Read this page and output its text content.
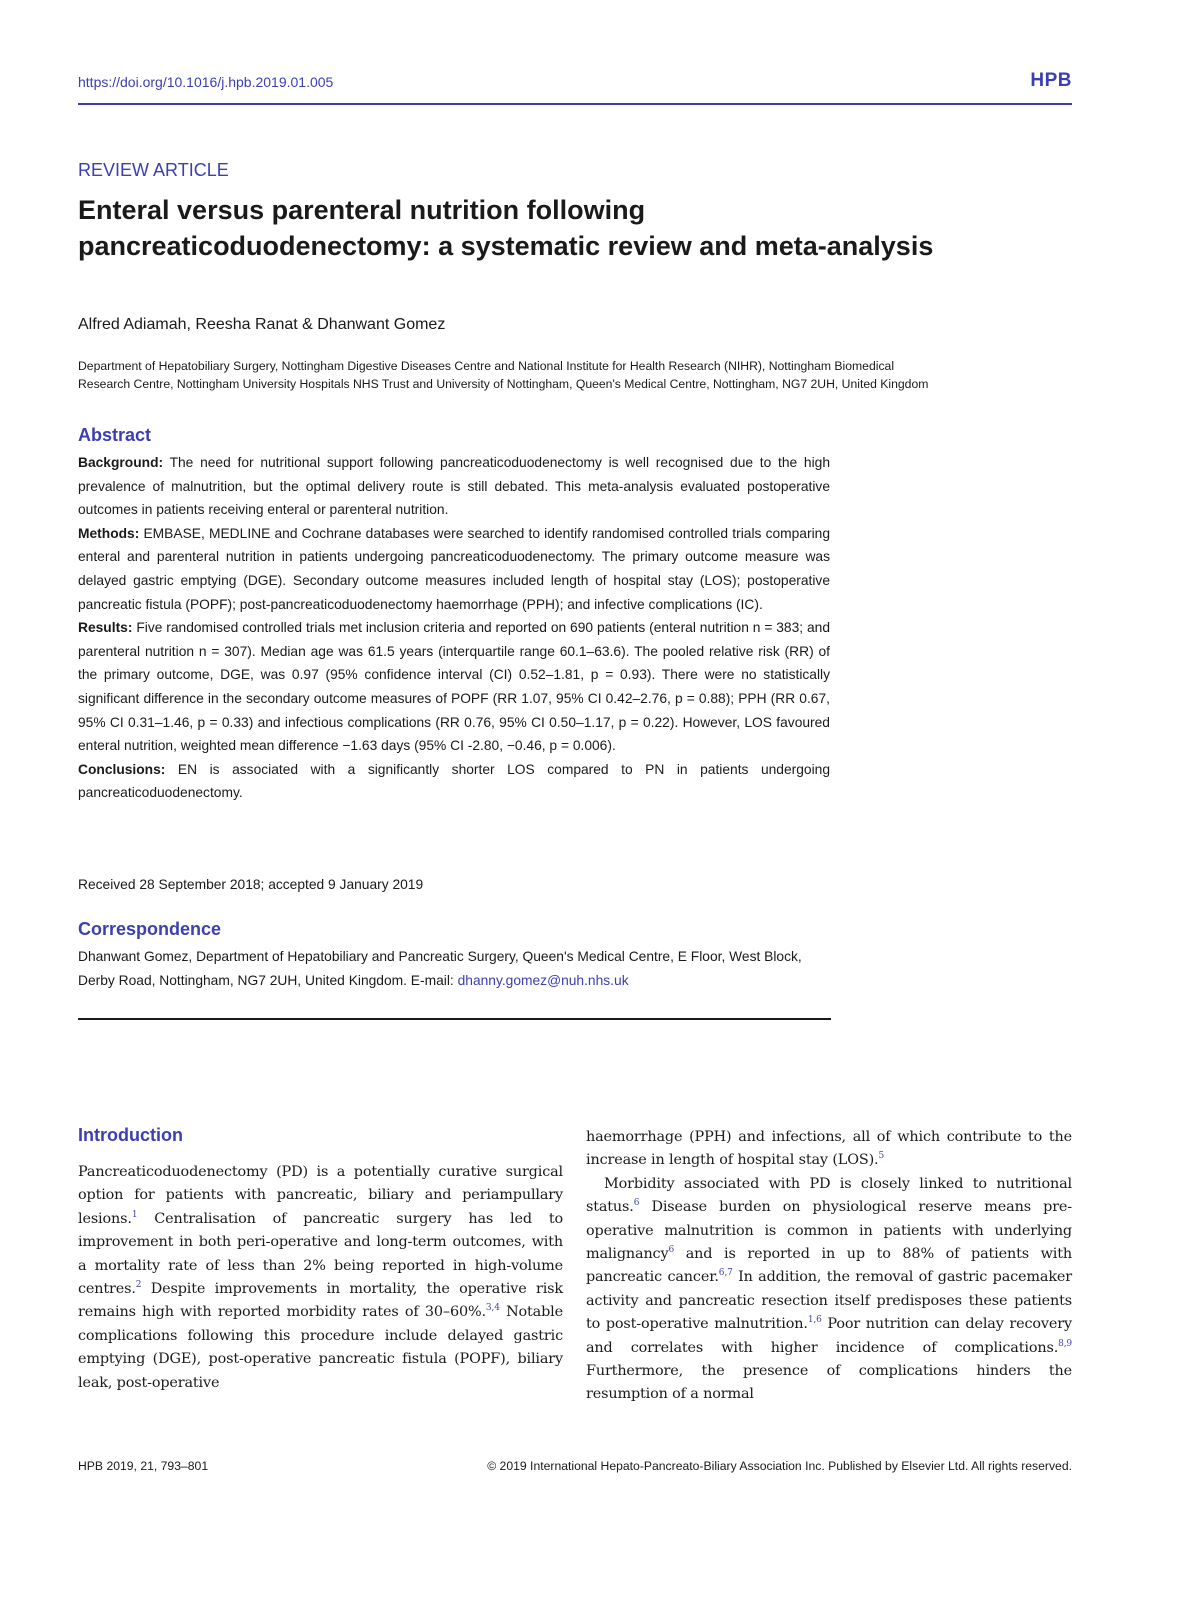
https://doi.org/10.1016/j.hpb.2019.01.005	HPB
REVIEW ARTICLE
Enteral versus parenteral nutrition following pancreaticoduodenectomy: a systematic review and meta-analysis
Alfred Adiamah, Reesha Ranat & Dhanwant Gomez

Department of Hepatobiliary Surgery, Nottingham Digestive Diseases Centre and National Institute for Health Research (NIHR), Nottingham Biomedical Research Centre, Nottingham University Hospitals NHS Trust and University of Nottingham, Queen's Medical Centre, Nottingham, NG7 2UH, United Kingdom

Abstract

Background: The need for nutritional support following pancreaticoduodenectomy is well recognised due to the high prevalence of malnutrition, but the optimal delivery route is still debated. This meta-analysis evaluated postoperative outcomes in patients receiving enteral or parenteral nutrition.

Methods: EMBASE, MEDLINE and Cochrane databases were searched to identify randomised controlled trials comparing enteral and parenteral nutrition in patients undergoing pancreaticoduodenectomy. The primary outcome measure was delayed gastric emptying (DGE). Secondary outcome measures included length of hospital stay (LOS); postoperative pancreatic fistula (POPF); post-pancreaticoduodenectomy haemorrhage (PPH); and infective complications (IC).

Results: Five randomised controlled trials met inclusion criteria and reported on 690 patients (enteral nutrition n = 383; and parenteral nutrition n = 307). Median age was 61.5 years (interquartile range 60.1–63.6). The pooled relative risk (RR) of the primary outcome, DGE, was 0.97 (95% confidence interval (CI) 0.52–1.81, p = 0.93). There were no statistically significant difference in the secondary outcome measures of POPF (RR 1.07, 95% CI 0.42–2.76, p = 0.88); PPH (RR 0.67, 95% CI 0.31–1.46, p = 0.33) and infectious complications (RR 0.76, 95% CI 0.50–1.17, p = 0.22). However, LOS favoured enteral nutrition, weighted mean difference −1.63 days (95% CI -2.80, −0.46, p = 0.006).

Conclusions: EN is associated with a significantly shorter LOS compared to PN in patients undergoing pancreaticoduodenectomy.

Received 28 September 2018; accepted 9 January 2019
Correspondence

Dhanwant Gomez, Department of Hepatobiliary and Pancreatic Surgery, Queen's Medical Centre, E Floor, West Block, Derby Road, Nottingham, NG7 2UH, United Kingdom. E-mail: dhanny.gomez@nuh.nhs.uk

Introduction

Pancreaticoduodenectomy (PD) is a potentially curative surgical option for patients with pancreatic, biliary and periampullary lesions.$^1$ Centralisation of pancreatic surgery has led to improvement in both peri-operative and long-term outcomes, with a mortality rate of less than 2% being reported in high-volume centres.$^2$ Despite improvements in mortality, the operative risk remains high with reported morbidity rates of 30–60%.$^{3,4}$ Notable complications following this procedure include delayed gastric emptying (DGE), post-operative pancreatic fistula (POPF), biliary leak, post-operative

haemorrhage (PPH) and infections, all of which contribute to the increase in length of hospital stay (LOS).$^5$

Morbidity associated with PD is closely linked to nutritional status.$^6$ Disease burden on physiological reserve means pre-operative malnutrition is common in patients with underlying malignancy$^6$ and is reported in up to 88% of patients with pancreatic cancer.$^{6,7}$ In addition, the removal of gastric pacemaker activity and pancreatic resection itself predisposes these patients to post-operative malnutrition.$^{1,6}$ Poor nutrition can delay recovery and correlates with higher incidence of complications.$^{8,9}$ Furthermore, the presence of complications hinders the resumption of a normal

HPB 2019, 21, 793–801	© 2019 International Hepato-Pancreato-Biliary Association Inc. Published by Elsevier Ltd. All rights reserved.
